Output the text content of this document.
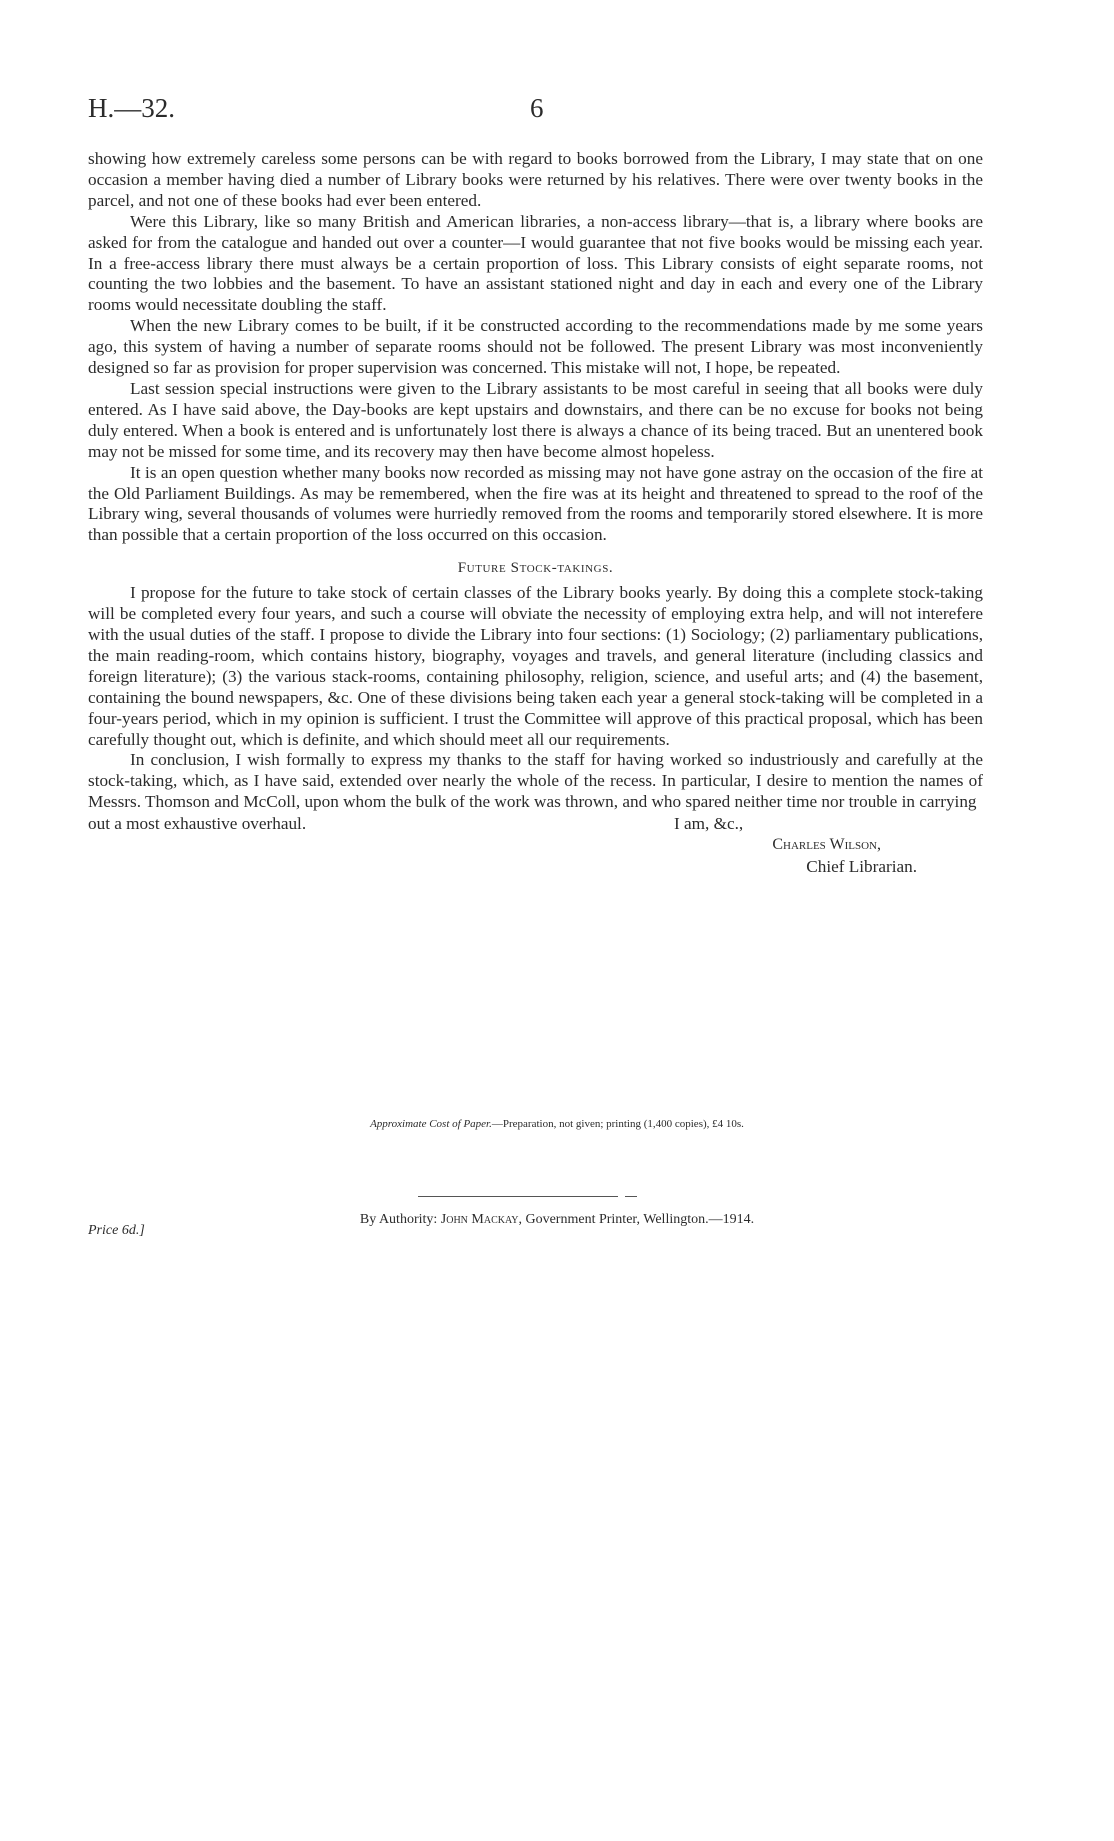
H.—32.	6

showing how extremely careless some persons can be with regard to books borrowed from the Library, I may state that on one occasion a member having died a number of Library books were returned by his relatives. There were over twenty books in the parcel, and not one of these books had ever been entered.

Were this Library, like so many British and American libraries, a non-access library—that is, a library where books are asked for from the catalogue and handed out over a counter—I would guarantee that not five books would be missing each year. In a free-access library there must always be a certain proportion of loss. This Library consists of eight separate rooms, not counting the two lobbies and the basement. To have an assistant stationed night and day in each and every one of the Library rooms would necessitate doubling the staff.

When the new Library comes to be built, if it be constructed according to the recommendations made by me some years ago, this system of having a number of separate rooms should not be followed. The present Library was most inconveniently designed so far as provision for proper supervision was concerned. This mistake will not, I hope, be repeated.

Last session special instructions were given to the Library assistants to be most careful in seeing that all books were duly entered. As I have said above, the Day-books are kept upstairs and downstairs, and there can be no excuse for books not being duly entered. When a book is entered and is unfortunately lost there is always a chance of its being traced. But an unentered book may not be missed for some time, and its recovery may then have become almost hopeless.

It is an open question whether many books now recorded as missing may not have gone astray on the occasion of the fire at the Old Parliament Buildings. As may be remembered, when the fire was at its height and threatened to spread to the roof of the Library wing, several thousands of volumes were hurriedly removed from the rooms and temporarily stored elsewhere. It is more than possible that a certain proportion of the loss occurred on this occasion.

Future Stock-takings.

I propose for the future to take stock of certain classes of the Library books yearly. By doing this a complete stock-taking will be completed every four years, and such a course will obviate the necessity of employing extra help, and will not interefere with the usual duties of the staff. I propose to divide the Library into four sections: (1) Sociology; (2) parliamentary publications, the main reading-room, which contains history, biography, voyages and travels, and general literature (including classics and foreign literature); (3) the various stack-rooms, containing philosophy, religion, science, and useful arts; and (4) the basement, containing the bound newspapers, &c. One of these divisions being taken each year a general stock-taking will be completed in a four-years period, which in my opinion is sufficient. I trust the Committee will approve of this practical proposal, which has been carefully thought out, which is definite, and which should meet all our requirements.

In conclusion, I wish formally to express my thanks to the staff for having worked so industriously and carefully at the stock-taking, which, as I have said, extended over nearly the whole of the recess. In particular, I desire to mention the names of Messrs. Thomson and McColl, upon whom the bulk of the work was thrown, and who spared neither time nor trouble in carrying

out a most exhaustive overhaul.	I am, &c.,
Charles Wilson,
Chief Librarian.
Approximate Cost of Paper.—Preparation, not given; printing (1,400 copies), £4 10s.
By Authority: John Mackay, Government Printer, Wellington.—1914.
Price 6d.]
